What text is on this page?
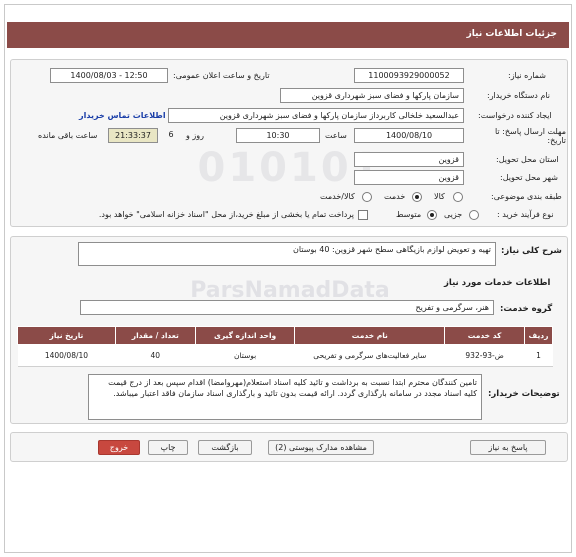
جزئیات اطلاعات نیاز
شماره نیاز:
1100093929000052
تاریخ و ساعت اعلان عمومی:
1400/08/03 - 12:50
نام دستگاه خریدار:
سازمان پارکها و فضای سبز شهرداری قزوین
ایجاد کننده درخواست:
عبدالسعید خلخالی کاربرداز سازمان پارکها و فضای سبز شهرداری قزوین
اطلاعات تماس خریدار
مهلت ارسال پاسخ: تا تاریخ:
1400/08/10
ساعت
10:30
روز و
6
21:33:37
ساعت باقی مانده
استان محل تحویل:
قزوین
شهر محل تحویل:
قزوین
طبقه بندی موضوعی:
کالا
خدمت
کالا/خدمت
نوع فرآیند خرید :
جزیی
متوسط
پرداخت تمام یا بخشی از مبلغ خرید،از محل "اسناد خزانه اسلامی" خواهد بود.
شرح کلی نیاز:
تهیه و تعویض لوازم بازیگاهی سطح شهر قزوین: 40 بوستان
اطلاعات خدمات مورد نیاز
گروه خدمت:
هنر، سرگرمی و تفریح
ردیف	کد خدمت	نام خدمت	واحد اندازه گیری	تعداد / مقدار	تاریخ نیاز
1	ض-93-932	سایر فعالیت‌های سرگرمی و تفریحی	بوستان	40	1400/08/10
توضیحات خریدار:
تامین کنندگان محترم ابتدا نسبت به برداشت و تائید کلیه اسناد استعلام(مهروامضا) اقدام سپس بعد از درج قیمت کلیه اسناد مجدد در سامانه بارگذاری گردد. ارائه قیمت بدون تائید و بارگذاری اسناد سازمان فاقد اعتبار میباشد.
پاسخ به نیاز
مشاهده مدارک پیوستی (2)
بازگشت
چاپ
خروج
